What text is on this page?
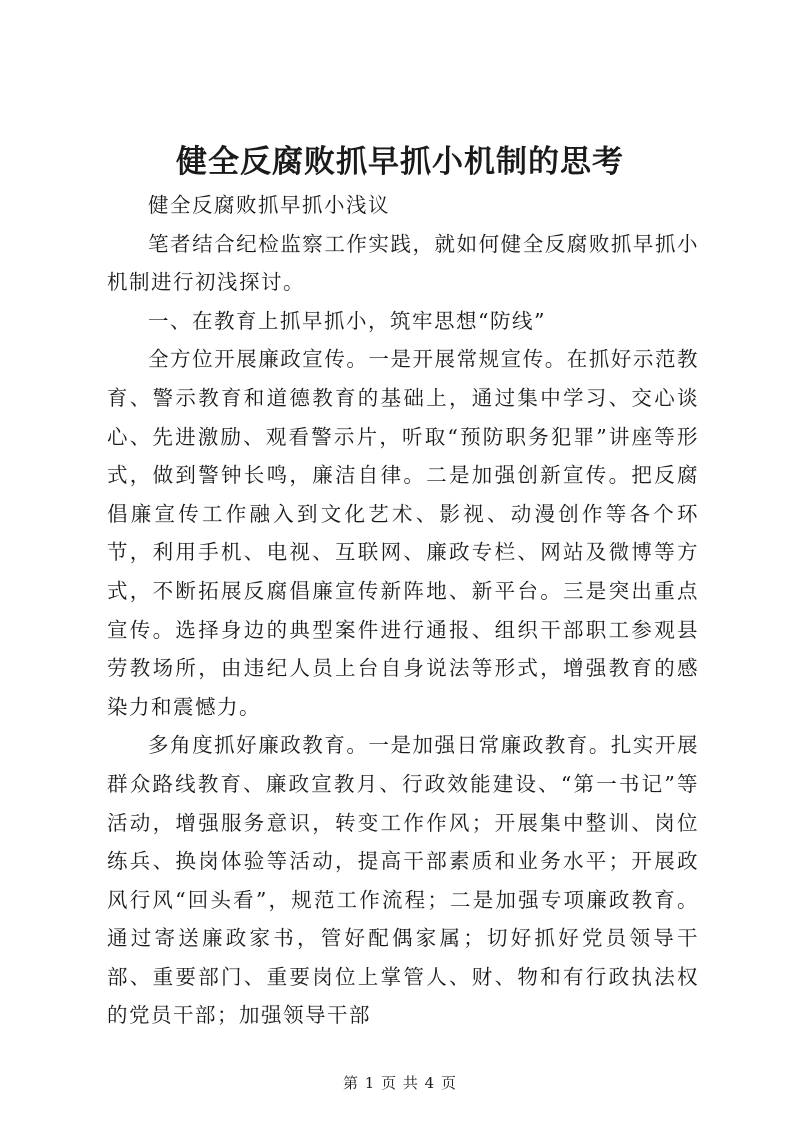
健全反腐败抓早抓小机制的思考

健全反腐败抓早抓小浅议

笔者结合纪检监察工作实践，就如何健全反腐败抓早抓小机制进行初浅探讨。

一、在教育上抓早抓小，筑牢思想“防线”

全方位开展廉政宣传。一是开展常规宣传。在抓好示范教育、警示教育和道德教育的基础上，通过集中学习、交心谈心、先进激励、观看警示片，听取“预防职务犯罪”讲座等形式，做到警钟长鸣，廉洁自律。二是加强创新宣传。把反腐倡廉宣传工作融入到文化艺术、影视、动漫创作等各个环节，利用手机、电视、互联网、廉政专栏、网站及微博等方式，不断拓展反腐倡廉宣传新阵地、新平台。三是突出重点宣传。选择身边的典型案件进行通报、组织干部职工参观县劳教场所，由违纪人员上台自身说法等形式，增强教育的感染力和震憾力。

多角度抓好廉政教育。一是加强日常廉政教育。扎实开展群众路线教育、廉政宣教月、行政效能建设、“第一书记”等活动，增强服务意识，转变工作作风；开展集中整训、岗位练兵、换岗体验等活动，提高干部素质和业务水平；开展政风行风“回头看”，规范工作流程；二是加强专项廉政教育。通过寄送廉政家书，管好配偶家属；切好抓好党员领导干部、重要部门、重要岗位上掌管人、财、物和有行政执法权的党员干部；加强领导干部

第 1 页 共 4 页
